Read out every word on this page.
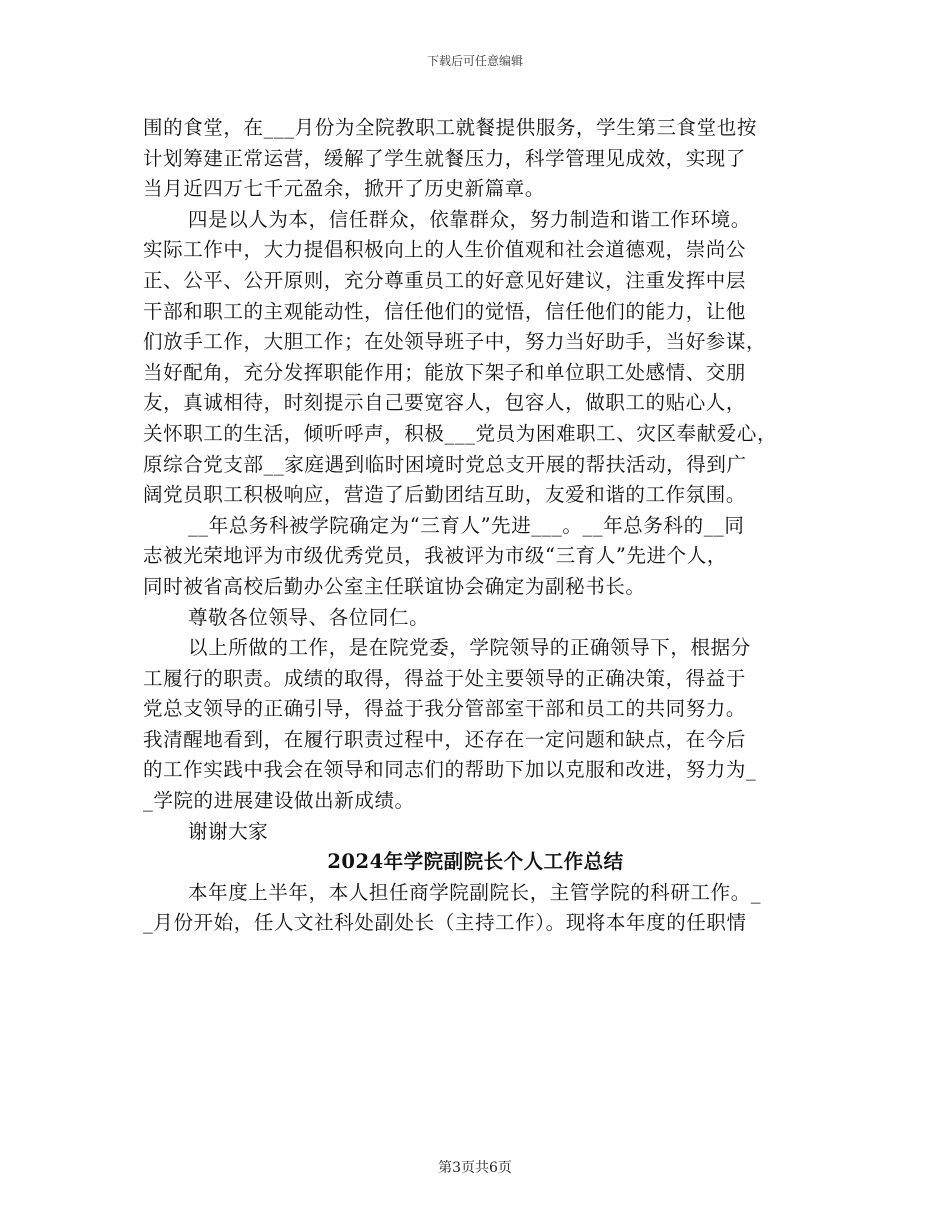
下载后可任意编辑
围的食堂，在___月份为全院教职工就餐提供服务，学生第三食堂也按
计划筹建正常运营，缓解了学生就餐压力，科学管理见成效，实现了
当月近四万七千元盈余，掀开了历史新篇章。
四是以人为本，信任群众，依靠群众，努力制造和谐工作环境。
实际工作中，大力提倡积极向上的人生价值观和社会道德观，崇尚公
正、公平、公开原则，充分尊重员工的好意见好建议，注重发挥中层
干部和职工的主观能动性，信任他们的觉悟，信任他们的能力，让他
们放手工作，大胆工作；在处领导班子中，努力当好助手，当好参谋，
当好配角，充分发挥职能作用；能放下架子和单位职工处感情、交朋
友，真诚相待，时刻提示自己要宽容人，包容人，做职工的贴心人，
关怀职工的生活，倾听呼声，积极___党员为困难职工、灾区奉献爱心，
原综合党支部__家庭遇到临时困境时党总支开展的帮扶活动，得到广
阔党员职工积极响应，营造了后勤团结互助，友爱和谐的工作氛围。
__年总务科被学院确定为“三育人”先进___。__年总务科的__同
志被光荣地评为市级优秀党员，我被评为市级“三育人”先进个人，
同时被省高校后勤办公室主任联谊协会确定为副秘书长。
尊敬各位领导、各位同仁。
以上所做的工作，是在院党委，学院领导的正确领导下，根据分
工履行的职责。成绩的取得，得益于处主要领导的正确决策，得益于
党总支领导的正确引导，得益于我分管部室干部和员工的共同努力。
我清醒地看到，在履行职责过程中，还存在一定问题和缺点，在今后
的工作实践中我会在领导和同志们的帮助下加以克服和改进，努力为_
_学院的进展建设做出新成绩。
谢谢大家
2024年学院副院长个人工作总结
本年度上半年，本人担任商学院副院长，主管学院的科研工作。_
_月份开始，任人文社科处副处长（主持工作）。现将本年度的任职情
第3页共6页
